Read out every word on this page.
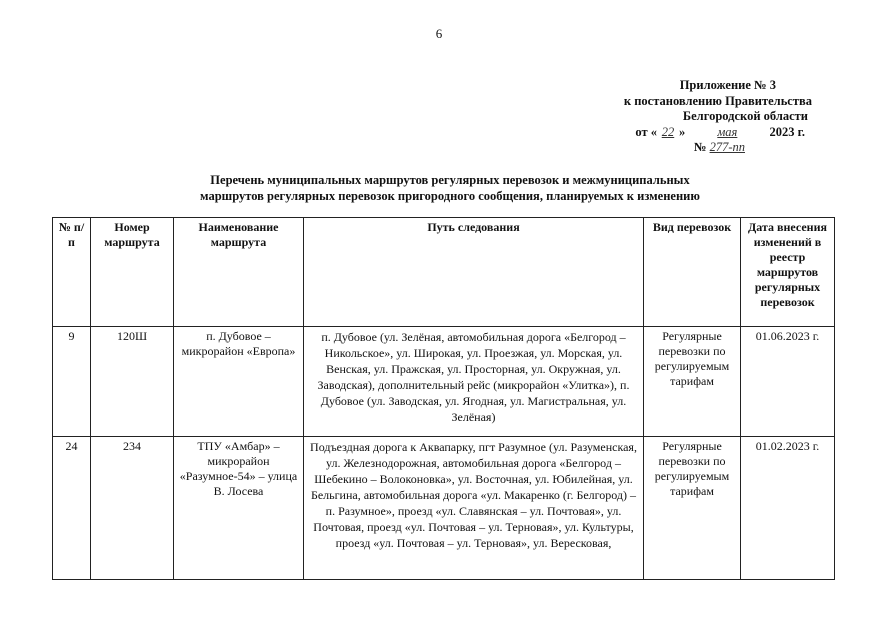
6
Приложение № 3
к постановлению Правительства
Белгородской области
от « 22 » мая 2023 г.
№ 277-пп
Перечень муниципальных маршрутов регулярных перевозок и межмуниципальных
маршрутов регулярных перевозок пригородного сообщения, планируемых к изменению
№ п/п	Номер маршрута	Наименование маршрута	Путь следования	Вид перевозок	Дата внесения изменений в реестр маршрутов регулярных перевозок
9	120Ш	п. Дубовое – микрорайон «Европа»	п. Дубовое (ул. Зелёная, автомобильная дорога «Белгород – Никольское», ул. Широкая, ул. Проезжая, ул. Морская, ул. Венская, ул. Пражская, ул. Просторная, ул. Окружная, ул. Заводская), дополнительный рейс (микрорайон «Улитка»), п. Дубовое (ул. Заводская, ул. Ягодная, ул. Магистральная, ул. Зелёная)	Регулярные перевозки по регулируемым тарифам	01.06.2023 г.
24	234	ТПУ «Амбар» – микрорайон «Разумное-54» – улица В. Лосева	Подъездная дорога к Аквапарку, пгт Разумное (ул. Разуменская, ул. Железнодорожная, автомобильная дорога «Белгород – Шебекино – Волоконовка», ул. Восточная, ул. Юбилейная, ул. Бельгина, автомобильная дорога «ул. Макаренко (г. Белгород) – п. Разумное», проезд «ул. Славянская – ул. Почтовая», ул. Почтовая, проезд «ул. Почтовая – ул. Терновая», ул. Культуры, проезд «ул. Почтовая – ул. Терновая», ул. Вересковая,	Регулярные перевозки по регулируемым тарифам	01.02.2023 г.
